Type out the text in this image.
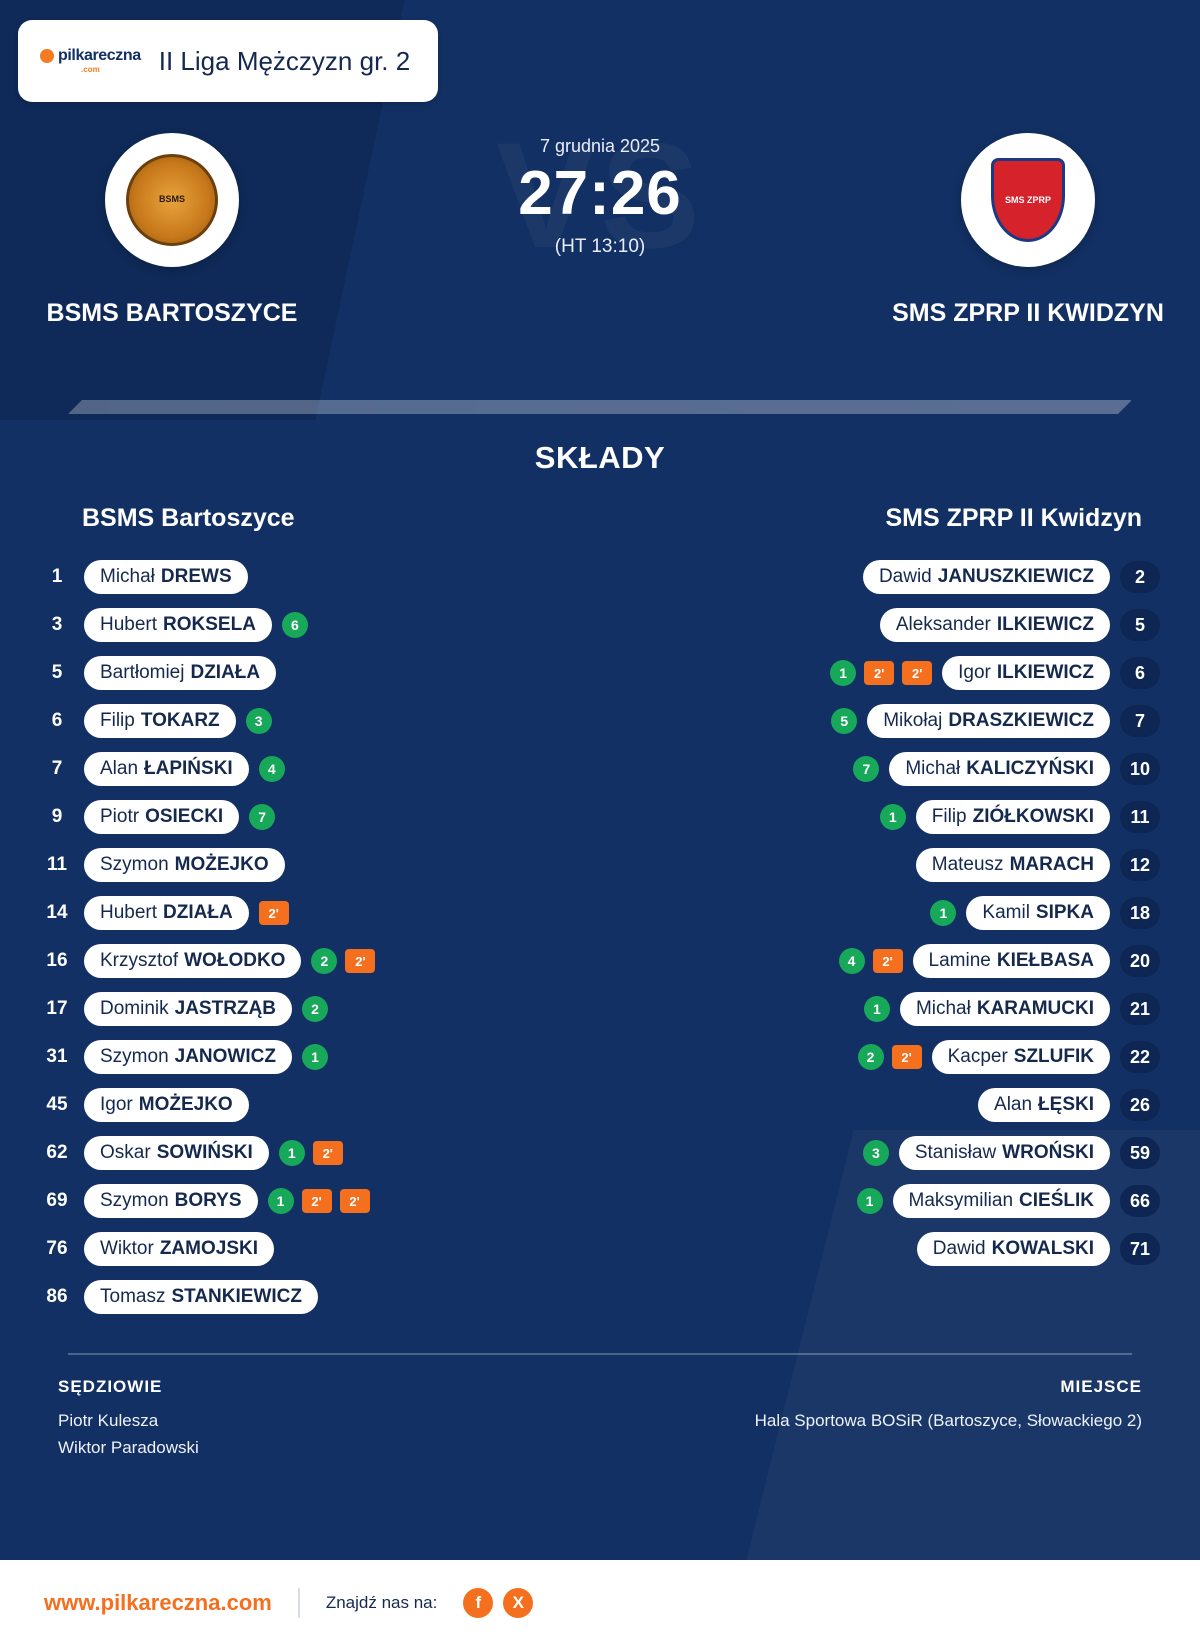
pilkareczna
.com II Liga Mężczyzn gr. 2
BSMS
BSMS BARTOSZYCE
7 grudnia 2025
27:26
(HT 13:10)
SMS ZPRP
SMS ZPRP II KWIDZYN
SKŁADY
BSMS Bartoszyce
1	Michał DREWS
3	Hubert ROKSELA	6
5	Bartłomiej DZIAŁA
6	Filip TOKARZ	3
7	Alan ŁAPIŃSKI	4
9	Piotr OSIECKI	7
11	Szymon MOŻEJKO
14	Hubert DZIAŁA	2'
16	Krzysztof WOŁODKO	2	2'
17	Dominik JASTRZĄB	2
31	Szymon JANOWICZ	1
45	Igor MOŻEJKO
62	Oskar SOWIŃSKI	1	2'
69	Szymon BORYS	1	2'	2'
76	Wiktor ZAMOJSKI
86	Tomasz STANKIEWICZ
SMS ZPRP II Kwidzyn
Dawid JANUSZKIEWICZ	2
Aleksander ILKIEWICZ	5
1	2'	2'	Igor ILKIEWICZ	6
5	Mikołaj DRASZKIEWICZ	7
7	Michał KALICZYŃSKI	10
1	Filip ZIÓŁKOWSKI	11
Mateusz MARACH	12
1	Kamil SIPKA	18
4	2'	Lamine KIEŁBASA	20
1	Michał KARAMUCKI	21
2	2'	Kacper SZLUFIK	22
Alan ŁĘSKI	26
3	Stanisław WROŃSKI	59
1	Maksymilian CIEŚLIK	66
Dawid KOWALSKI	71
SĘDZIOWIE
Piotr Kulesza
Wiktor Paradowski
MIEJSCE
Hala Sportowa BOSiR (Bartoszyce, Słowackiego 2)
www.pilkareczna.com	Znajdź nas na:	f	X
